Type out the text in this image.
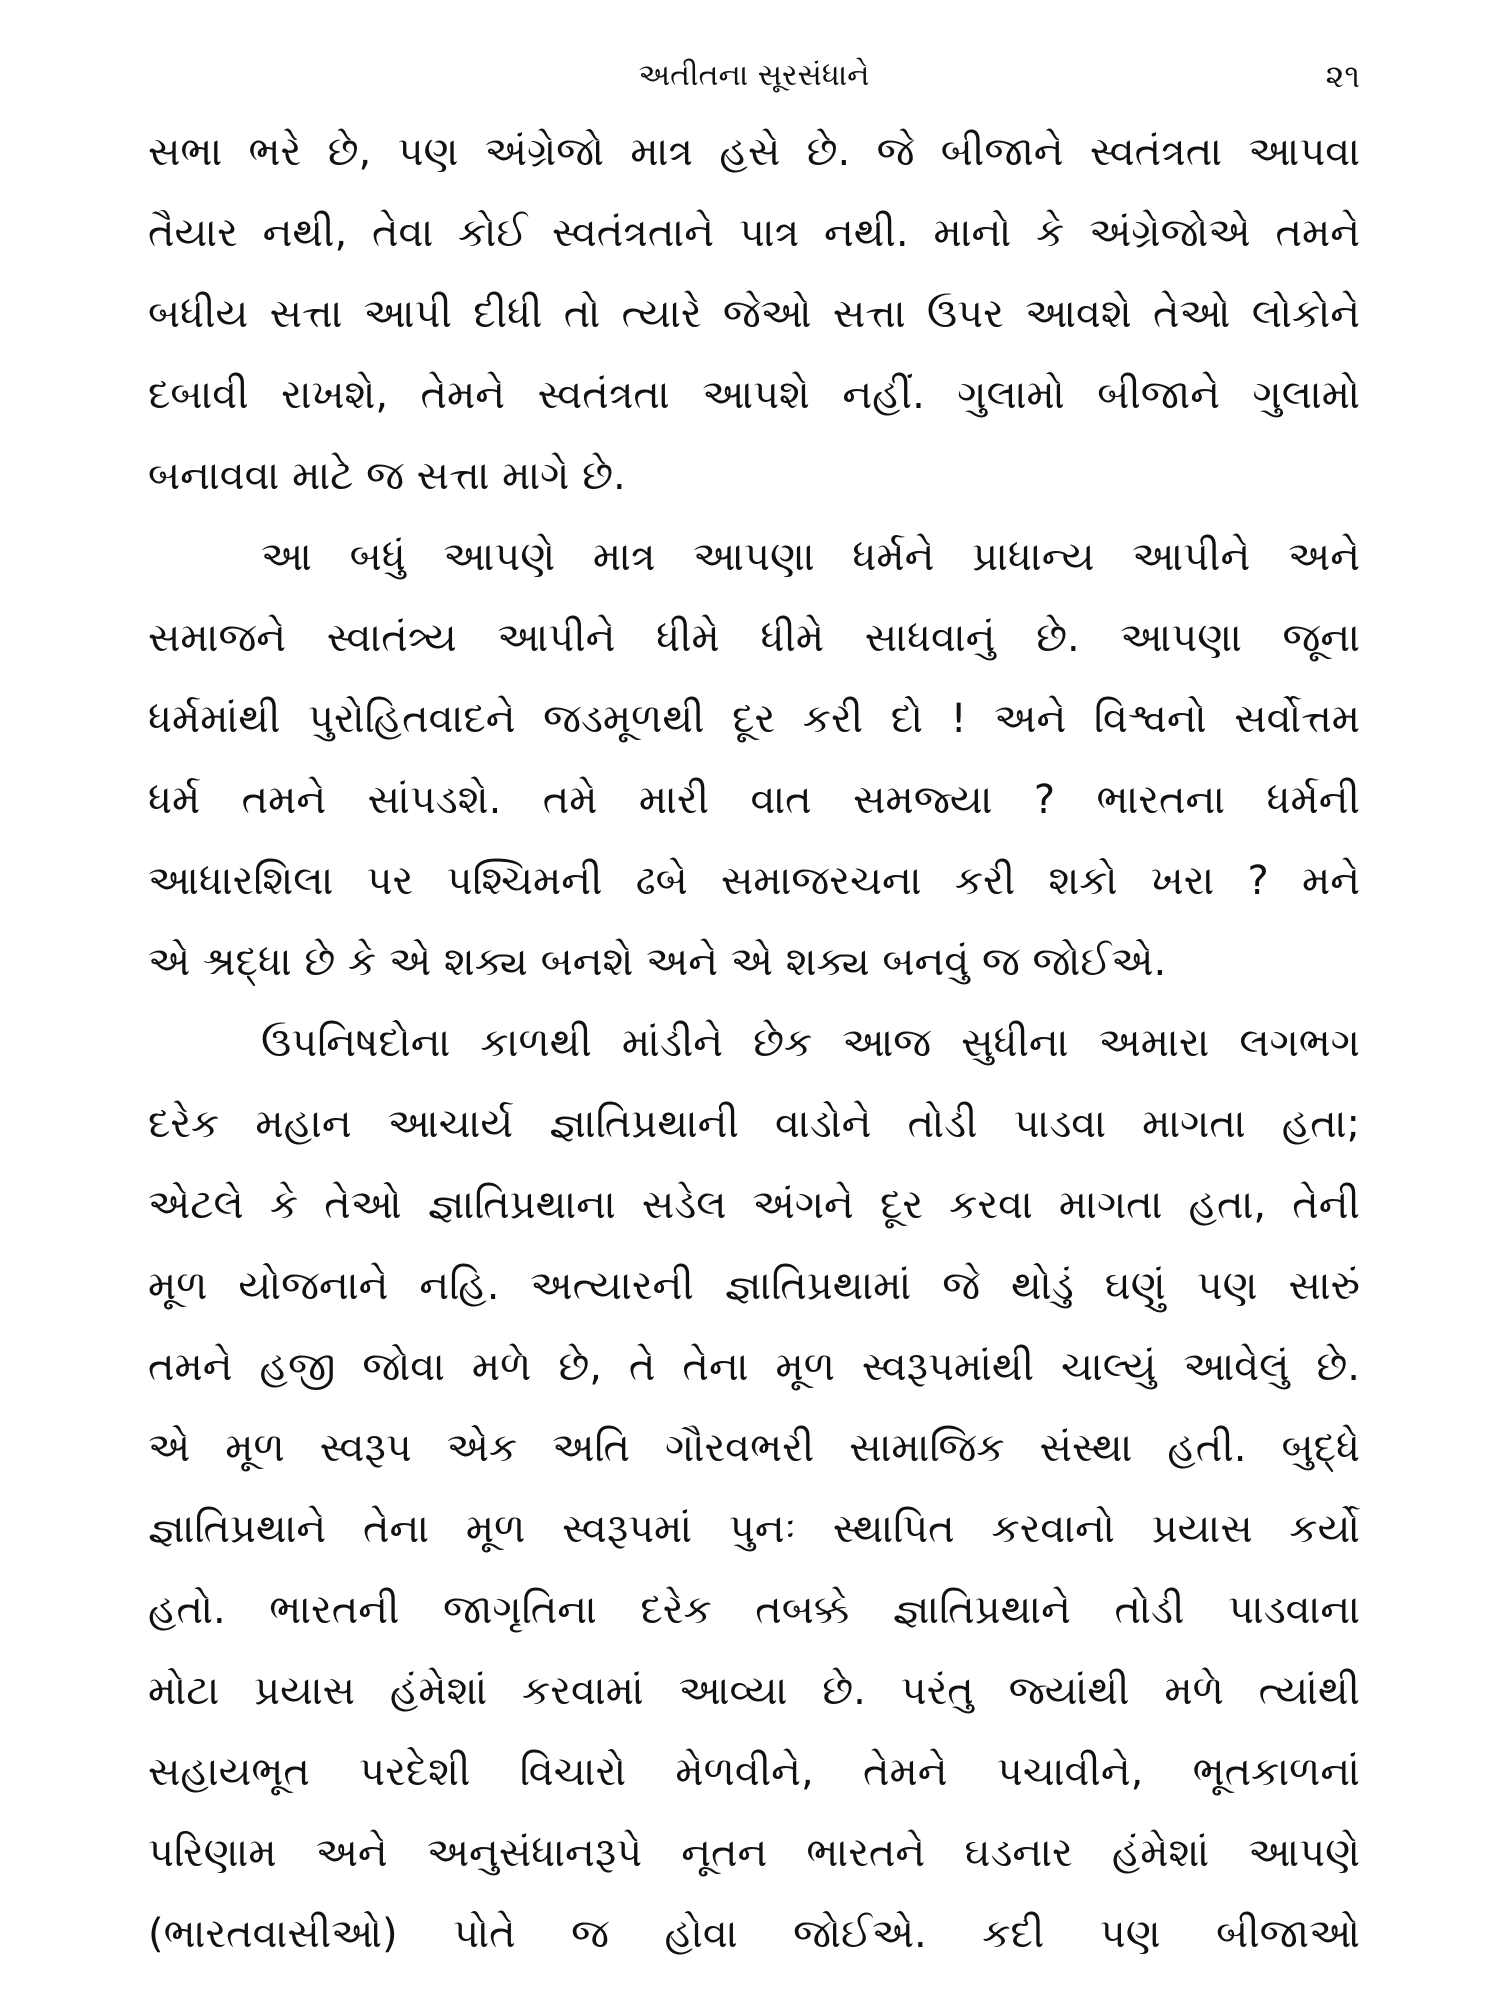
અતીતના સૂરસંધાને	૨૧
સભા ભરે છે, પણ અંગ્રેજો માત્ર હસે છે. જે બીજાને સ્વતંત્રતા આપવા
તૈયાર નથી, તેવા કોઈ સ્વતંત્રતાને પાત્ર નથી. માનો કે અંગ્રેજોએ તમને
બધીય સત્તા આપી દીધી તો ત્યારે જેઓ સત્તા ઉપર આવશે તેઓ લોકોને
દબાવી રાખશે, તેમને સ્વતંત્રતા આપશે નહીં. ગુલામો બીજાને ગુલામો
બનાવવા માટે જ સત્તા માગે છે.
આ બધું આપણે માત્ર આપણા ધર્મને પ્રાધાન્ય આપીને અને
સમાજને સ્વાતંત્ર્ય આપીને ધીમે ધીમે સાધવાનું છે. આપણા જૂના
ધર્મમાંથી પુરોહિતવાદને જડમૂળથી દૂર કરી દો ! અને વિશ્વનો સર્વોત્તમ
ધર્મ તમને સાંપડશે. તમે મારી વાત સમજ્યા ? ભારતના ધર્મની
આધારશિલા પર પશ્ચિમની ઢબે સમાજરચના કરી શકો ખરા ? મને
એ શ્રદ્ધા છે કે એ શક્ય બનશે અને એ શક્ય બનવું જ જોઈએ.
ઉપનિષદોના કાળથી માંડીને છેક આજ સુધીના અમારા લગભગ
દરેક મહાન આચાર્ય જ્ઞાતિપ્રથાની વાડોને તોડી પાડવા માગતા હતા;
એટલે કે તેઓ જ્ઞાતિપ્રથાના સડેલ અંગને દૂર કરવા માગતા હતા, તેની
મૂળ યોજનાને નહિ. અત્યારની જ્ઞાતિપ્રથામાં જે થોડું ઘણું પણ સારું
તમને હજી જોવા મળે છે, તે તેના મૂળ સ્વરૂપમાંથી ચાલ્યું આવેલું છે.
એ મૂળ સ્વરૂપ એક અતિ ગૌરવભરી સામાજિક સંસ્થા હતી. બુદ્ધે
જ્ઞાતિપ્રથાને તેના મૂળ સ્વરૂપમાં પુનઃ સ્થાપિત કરવાનો પ્રયાસ કર્યો
હતો. ભારતની જાગૃતિના દરેક તબક્કે જ્ઞાતિપ્રથાને તોડી પાડવાના
મોટા પ્રયાસ હંમેશાં કરવામાં આવ્યા છે. પરંતુ જ્યાંથી મળે ત્યાંથી
સહાયભૂત પરદેશી વિચારો મેળવીને, તેમને પચાવીને, ભૂતકાળનાં
પરિણામ અને અનુસંધાનરૂપે નૂતન ભારતને ઘડનાર હંમેશાં આપણે
(ભારતવાસીઓ) પોતે જ હોવા જોઈએ. કદી પણ બીજાઓ
